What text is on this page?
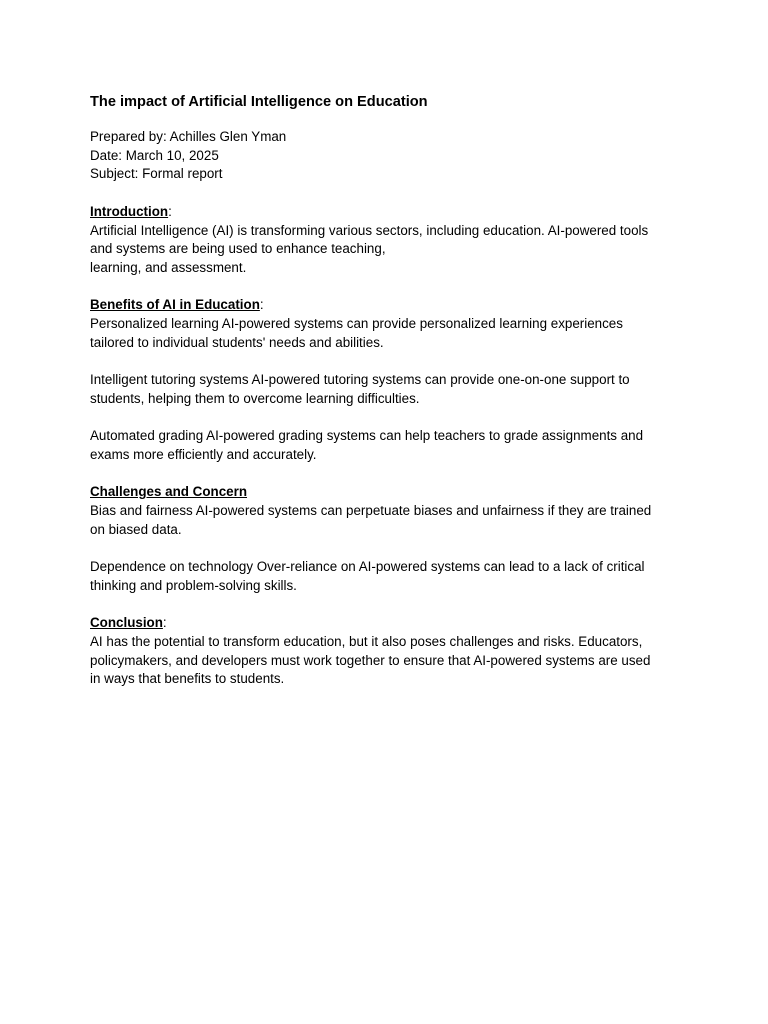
The impact of Artificial Intelligence on Education

Prepared by: Achilles Glen Yman

Date: March 10, 2025

Subject: Formal report

Introduction:

Artificial Intelligence (AI) is transforming various sectors, including education. AI-powered tools

and systems are being used to enhance teaching,

learning, and assessment.

Benefits of AI in Education:

Personalized learning AI-powered systems can provide personalized learning experiences

tailored to individual students' needs and abilities.

Intelligent tutoring systems AI-powered tutoring systems can provide one-on-one support to

students, helping them to overcome learning difficulties.

Automated grading AI-powered grading systems can help teachers to grade assignments and

exams more efficiently and accurately.

Challenges and Concern

Bias and fairness AI-powered systems can perpetuate biases and unfairness if they are trained

on biased data.

Dependence on technology Over-reliance on AI-powered systems can lead to a lack of critical

thinking and problem-solving skills.

Conclusion:

AI has the potential to transform education, but it also poses challenges and risks. Educators,

policymakers, and developers must work together to ensure that AI-powered systems are used

in ways that benefits to students.
